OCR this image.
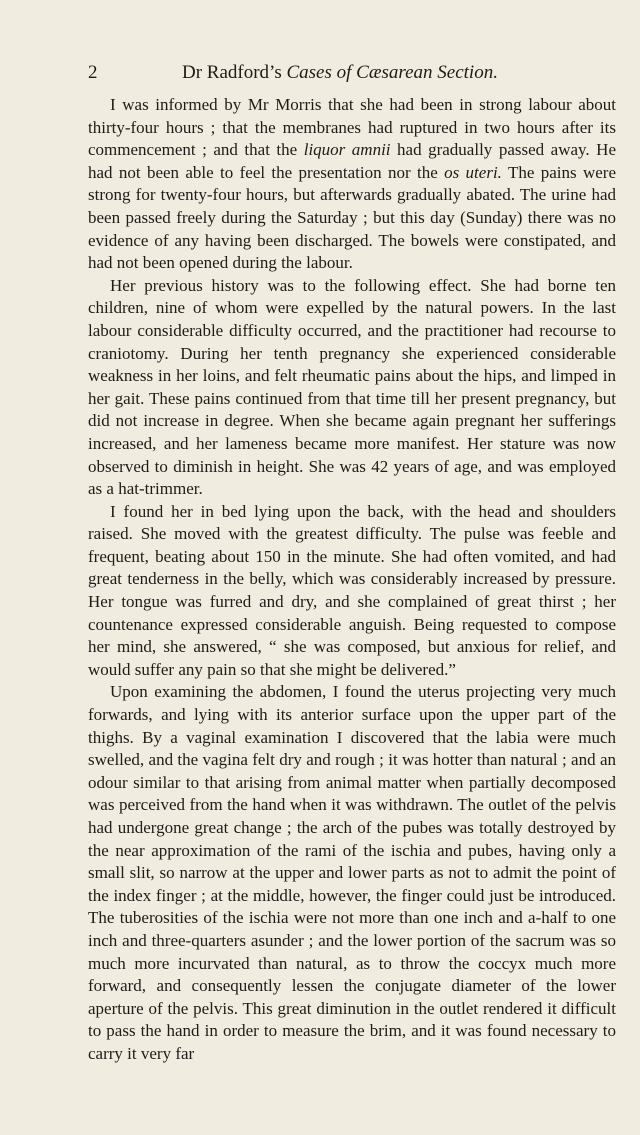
2	Dr Radford’s Cases of Cæsarean Section.

I was informed by Mr Morris that she had been in strong labour about thirty-four hours ; that the membranes had ruptured in two hours after its commencement ; and that the liquor amnii had gradually passed away. He had not been able to feel the presentation nor the os uteri. The pains were strong for twenty-four hours, but afterwards gradually abated. The urine had been passed freely during the Saturday ; but this day (Sunday) there was no evidence of any having been discharged. The bowels were constipated, and had not been opened during the labour.

Her previous history was to the following effect. She had borne ten children, nine of whom were expelled by the natural powers. In the last labour considerable difficulty occurred, and the practitioner had recourse to craniotomy. During her tenth pregnancy she experienced considerable weakness in her loins, and felt rheumatic pains about the hips, and limped in her gait. These pains continued from that time till her present pregnancy, but did not increase in degree. When she became again pregnant her sufferings increased, and her lameness became more manifest. Her stature was now observed to diminish in height. She was 42 years of age, and was employed as a hat-trimmer.

I found her in bed lying upon the back, with the head and shoulders raised. She moved with the greatest difficulty. The pulse was feeble and frequent, beating about 150 in the minute. She had often vomited, and had great tenderness in the belly, which was considerably increased by pressure. Her tongue was furred and dry, and she complained of great thirst ; her countenance expressed considerable anguish. Being requested to compose her mind, she answered, “ she was composed, but anxious for relief, and would suffer any pain so that she might be delivered.”

Upon examining the abdomen, I found the uterus projecting very much forwards, and lying with its anterior surface upon the upper part of the thighs. By a vaginal examination I discovered that the labia were much swelled, and the vagina felt dry and rough ; it was hotter than natural ; and an odour similar to that arising from animal matter when partially decomposed was perceived from the hand when it was withdrawn. The outlet of the pelvis had undergone great change ; the arch of the pubes was totally destroyed by the near approximation of the rami of the ischia and pubes, having only a small slit, so narrow at the upper and lower parts as not to admit the point of the index finger ; at the middle, however, the finger could just be introduced. The tuberosities of the ischia were not more than one inch and a-half to one inch and three-quarters asunder ; and the lower portion of the sacrum was so much more incurvated than natural, as to throw the coccyx much more forward, and consequently lessen the conjugate diameter of the lower aperture of the pelvis. This great diminution in the outlet rendered it difficult to pass the hand in order to measure the brim, and it was found necessary to carry it very far
